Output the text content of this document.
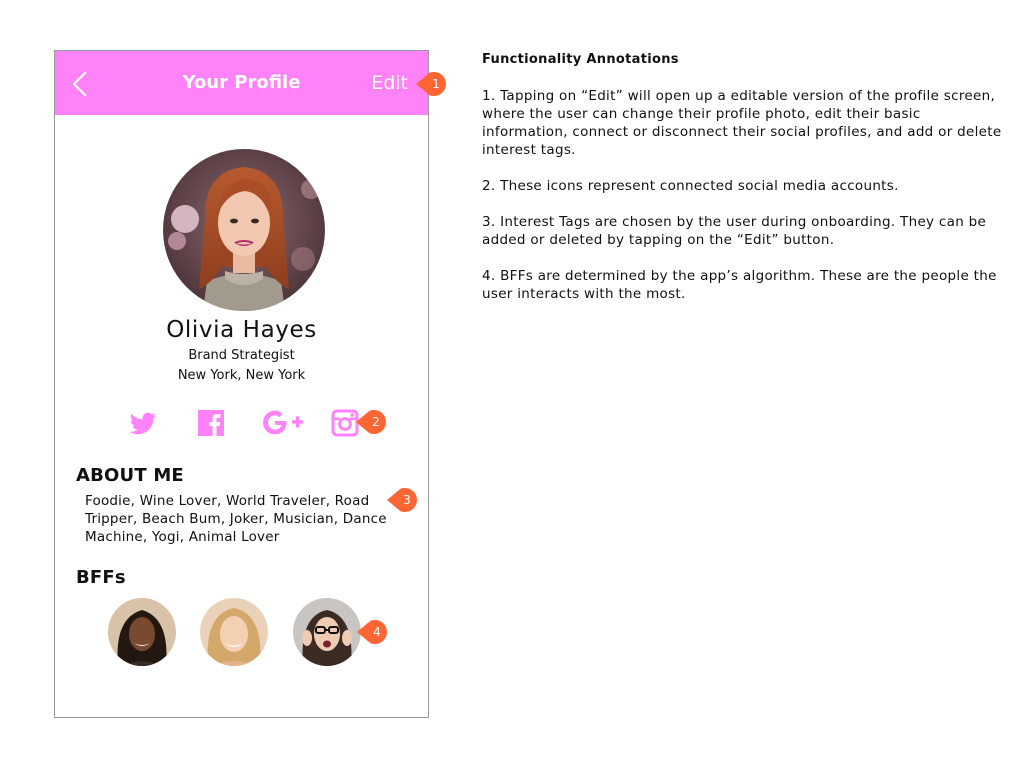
Your Profile	Edit
Olivia Hayes
Brand Strategist
New York, New York
ABOUT ME
Foodie, Wine Lover, World Traveler, Road Tripper, Beach Bum, Joker, Musician, Dance Machine, Yogi, Animal Lover
BFFs
1
2
3
4
Functionality Annotations
1. Tapping on “Edit” will open up a editable version of the profile screen, where the user can change their profile photo, edit their basic information, connect or disconnect their social profiles, and add or delete interest tags.
2. These icons represent connected social media accounts.
3. Interest Tags are chosen by the user during onboarding. They can be added or deleted by tapping on the “Edit” button.
4. BFFs are determined by the app’s algorithm. These are the people the user interacts with the most.
